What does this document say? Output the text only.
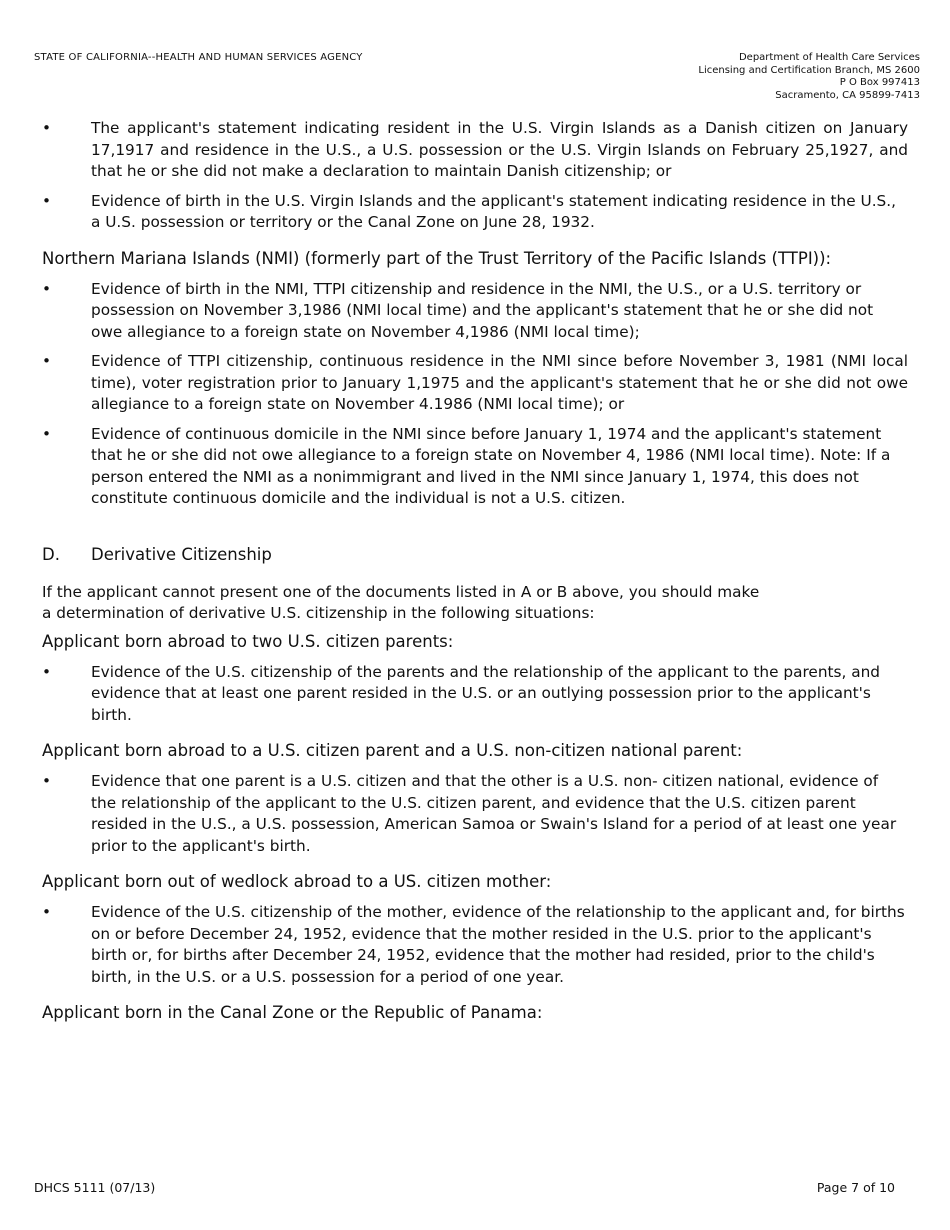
STATE OF CALIFORNIA--HEALTH AND HUMAN SERVICES AGENCY	Department of Health Care Services
Licensing and Certification Branch, MS 2600
P O Box 997413
Sacramento, CA 95899-7413
•	The applicant's statement indicating resident in the U.S. Virgin Islands as a Danish citizen on January 17,1917 and residence in the U.S., a U.S. possession or the U.S. Virgin Islands on February 25,1927, and that he or she did not make a declaration to maintain Danish citizenship; or
•	Evidence of birth in the U.S. Virgin Islands and the applicant's statement indicating residence in the U.S., a U.S. possession or territory or the Canal Zone on June 28, 1932.
Northern Mariana Islands (NMI) (formerly part of the Trust Territory of the Pacific Islands (TTPI)):
•	Evidence of birth in the NMI, TTPI citizenship and residence in the NMI, the U.S., or a U.S. territory or possession on November 3,1986 (NMI local time) and the applicant's statement that he or she did not owe allegiance to a foreign state on November 4,1986 (NMI local time);
•	Evidence of TTPI citizenship, continuous residence in the NMI since before November 3, 1981 (NMI local time), voter registration prior to January 1,1975 and the applicant's statement that he or she did not owe allegiance to a foreign state on November 4.1986 (NMI local time); or
•	Evidence of continuous domicile in the NMI since before January 1, 1974 and the applicant's statement that he or she did not owe allegiance to a foreign state on November 4, 1986 (NMI local time). Note: If a person entered the NMI as a nonimmigrant and lived in the NMI since January 1, 1974, this does not constitute continuous domicile and the individual is not a U.S. citizen.
D.	Derivative Citizenship
If the applicant cannot present one of the documents listed in A or B above, you should make a determination of derivative U.S. citizenship in the following situations:
Applicant born abroad to two U.S. citizen parents:
•	Evidence of the U.S. citizenship of the parents and the relationship of the applicant to the parents, and evidence that at least one parent resided in the U.S. or an outlying possession prior to the applicant's birth.
Applicant born abroad to a U.S. citizen parent and a U.S. non-citizen national parent:
•	Evidence that one parent is a U.S. citizen and that the other is a U.S. non- citizen national, evidence of the relationship of the applicant to the U.S. citizen parent, and evidence that the U.S. citizen parent resided in the U.S., a U.S. possession, American Samoa or Swain's Island for a period of at least one year prior to the applicant's birth.
Applicant born out of wedlock abroad to a US. citizen mother:
•	Evidence of the U.S. citizenship of the mother, evidence of the relationship to the applicant and, for births on or before December 24, 1952, evidence that the mother resided in the U.S. prior to the applicant's birth or, for births after December 24, 1952, evidence that the mother had resided, prior to the child's birth, in the U.S. or a U.S. possession for a period of one year.
Applicant born in the Canal Zone or the Republic of Panama:
DHCS 5111 (07/13)	Page 7 of 10
